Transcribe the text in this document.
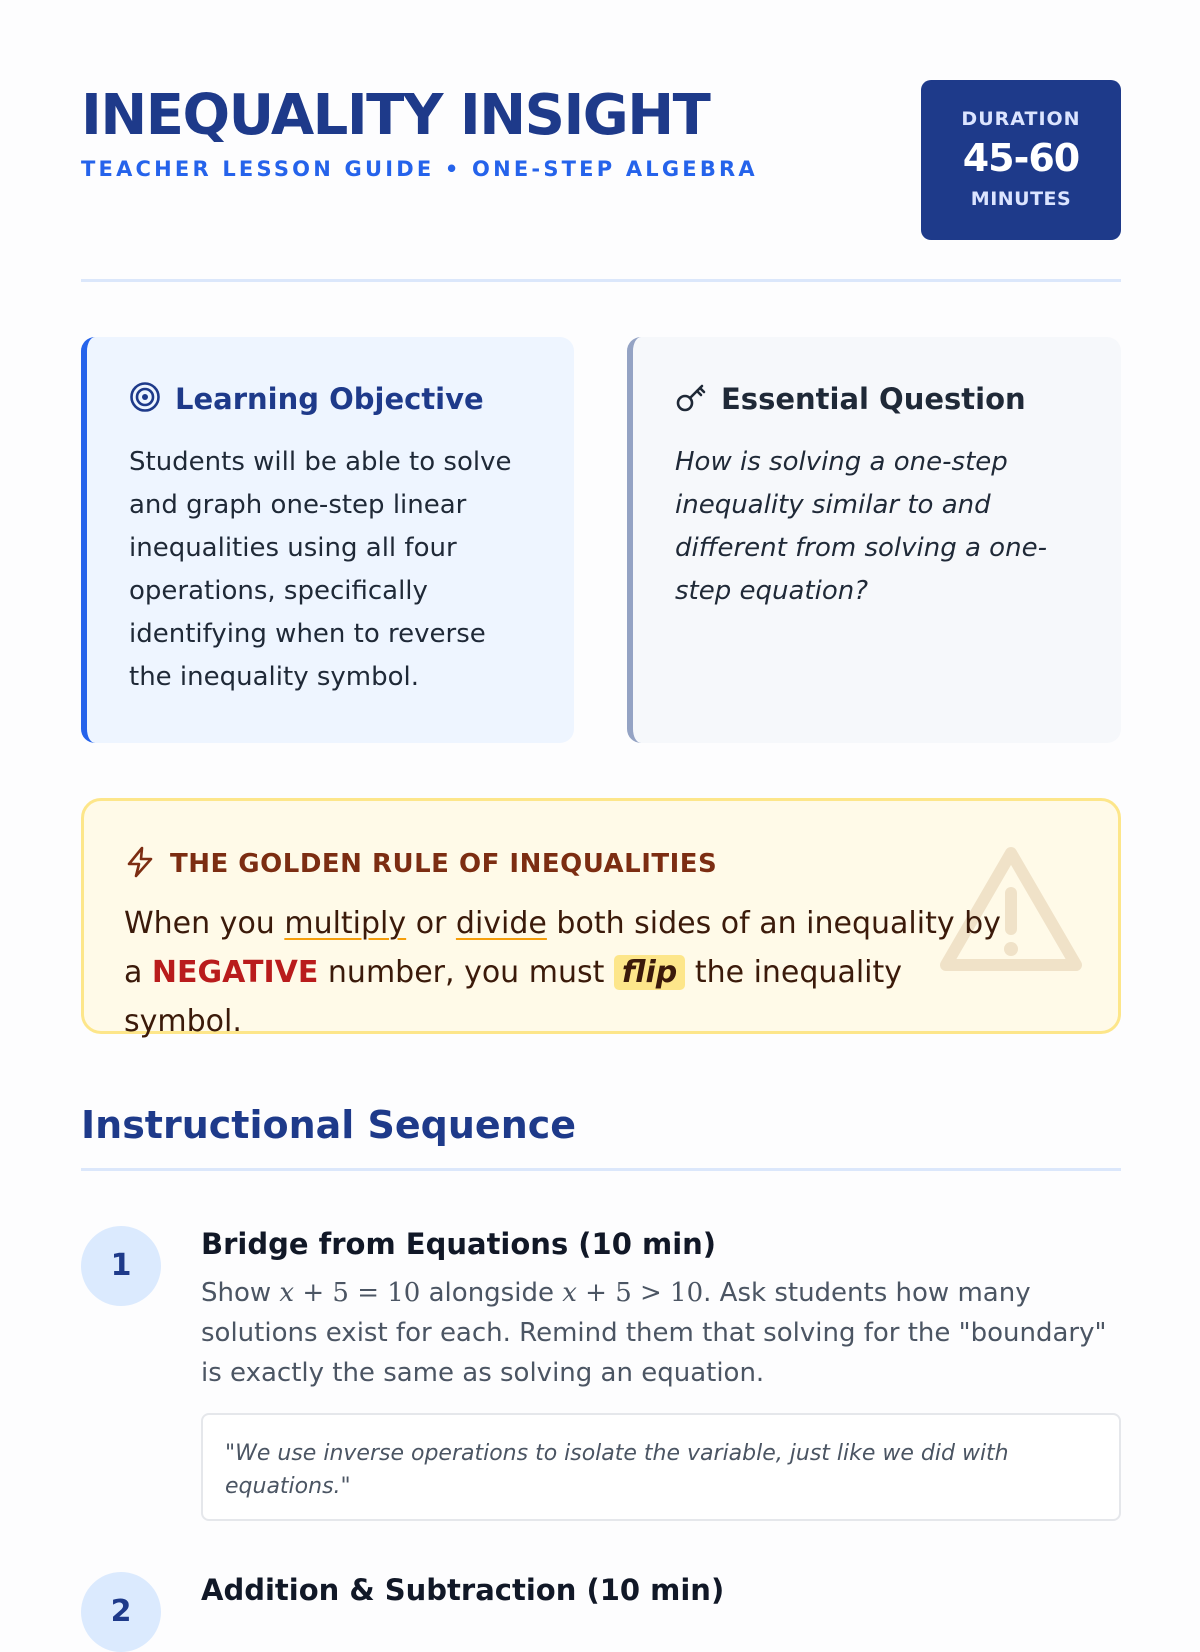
INEQUALITY INSIGHT
TEACHER LESSON GUIDE • ONE-STEP ALGEBRA
DURATION
45-60
MINUTES
Learning Objective
Students will be able to solve and graph one-step linear inequalities using all four operations, specifically identifying when to reverse the inequality symbol.
Essential Question
How is solving a one-step inequality similar to and different from solving a one-step equation?
THE GOLDEN RULE OF INEQUALITIES
When you multiply or divide both sides of an inequality by a NEGATIVE number, you must flip the inequality symbol.
Instructional Sequence
1
Bridge from Equations (10 min)
Show x + 5 = 10 alongside x + 5 > 10. Ask students how many solutions exist for each. Remind them that solving for the "boundary" is exactly the same as solving an equation.
"We use inverse operations to isolate the variable, just like we did with equations."
2
Addition & Subtraction (10 min)
